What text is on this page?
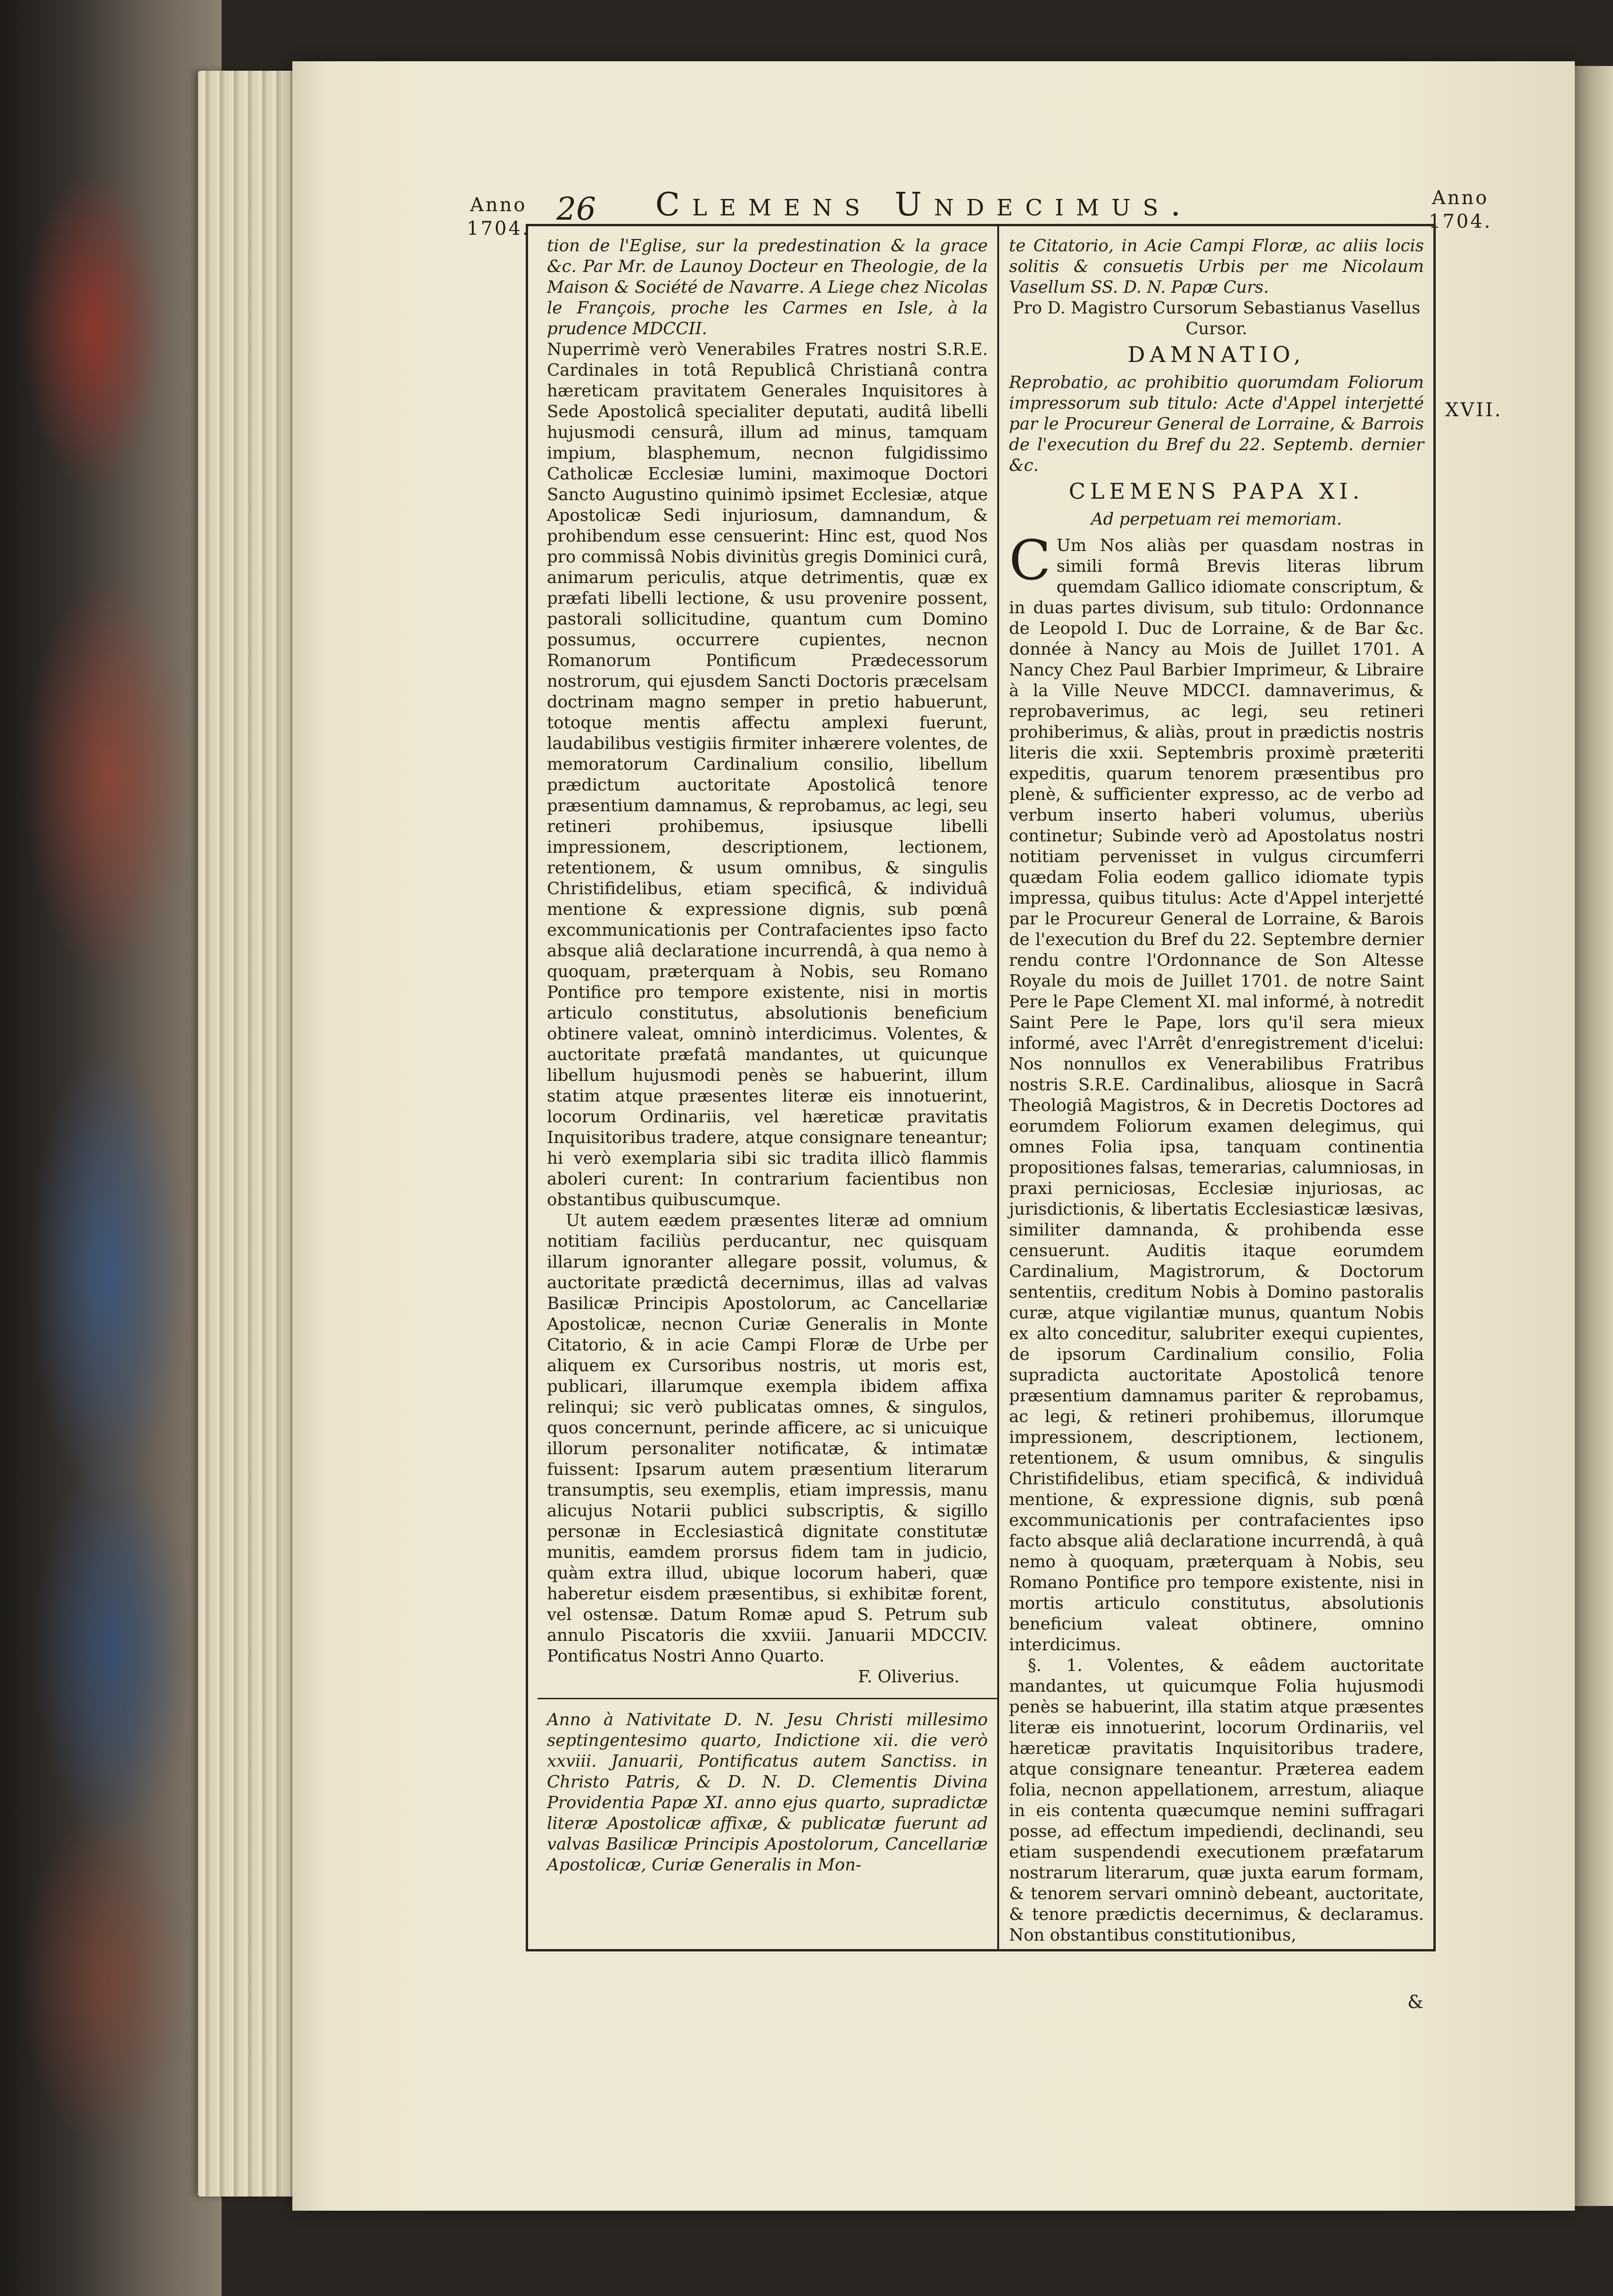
Anno
1704.
Anno
1704.
XVII.
26	Clemens Undecimus.

tion de l'Eglise, sur la predestination & la grace &c. Par Mr. de Launoy Docteur en Theologie, de la Maison & Société de Navarre. A Liege chez Nicolas le François, proche les Carmes en Isle, à la prudence MDCCII.

Nuperrimè verò Venerabiles Fratres nostri S.R.E. Cardinales in totâ Republicâ Christianâ contra hæreticam pravitatem Generales Inquisitores à Sede Apostolicâ specialiter deputati, auditâ libelli hujusmodi censurâ, illum ad minus, tamquam impium, blasphemum, necnon fulgidissimo Catholicæ Ecclesiæ lumini, maximoque Doctori Sancto Augustino quinimò ipsimet Ecclesiæ, atque Apostolicæ Sedi injuriosum, damnandum, & prohibendum esse censuerint: Hinc est, quod Nos pro commissâ Nobis divinitùs gregis Dominici curâ, animarum periculis, atque detrimentis, quæ ex præfati libelli lectione, & usu provenire possent, pastorali sollicitudine, quantum cum Domino possumus, occurrere cupientes, necnon Romanorum Pontificum Prædecessorum nostrorum, qui ejusdem Sancti Doctoris præcelsam doctrinam magno semper in pretio habuerunt, totoque mentis affectu amplexi fuerunt, laudabilibus vestigiis firmiter inhærere volentes, de memoratorum Cardinalium consilio, libellum prædictum auctoritate Apostolicâ tenore præsentium damnamus, & reprobamus, ac legi, seu retineri prohibemus, ipsiusque libelli impressionem, descriptionem, lectionem, retentionem, & usum omnibus, & singulis Christifidelibus, etiam specificâ, & individuâ mentione & expressione dignis, sub pœnâ excommunicationis per Contrafacientes ipso facto absque aliâ declaratione incurrendâ, à qua nemo à quoquam, præterquam à Nobis, seu Romano Pontifice pro tempore existente, nisi in mortis articulo constitutus, absolutionis beneficium obtinere valeat, omninò interdicimus. Volentes, & auctoritate præfatâ mandantes, ut quicunque libellum hujusmodi penès se habuerint, illum statim atque præsentes literæ eis innotuerint, locorum Ordinariis, vel hæreticæ pravitatis Inquisitoribus tradere, atque consignare teneantur; hi verò exemplaria sibi sic tradita illicò flammis aboleri curent: In contrarium facientibus non obstantibus quibuscumque.

Ut autem eædem præsentes literæ ad omnium notitiam faciliùs perducantur, nec quisquam illarum ignoranter allegare possit, volumus, & auctoritate prædictâ decernimus, illas ad valvas Basilicæ Principis Apostolorum, ac Cancellariæ Apostolicæ, necnon Curiæ Generalis in Monte Citatorio, & in acie Campi Floræ de Urbe per aliquem ex Cursoribus nostris, ut moris est, publicari, illarumque exempla ibidem affixa relinqui; sic verò publicatas omnes, & singulos, quos concernunt, perinde afficere, ac si unicuique illorum personaliter notificatæ, & intimatæ fuissent: Ipsarum autem præsentium literarum transumptis, seu exemplis, etiam impressis, manu alicujus Notarii publici subscriptis, & sigillo personæ in Ecclesiasticâ dignitate constitutæ munitis, eamdem prorsus fidem tam in judicio, quàm extra illud, ubique locorum haberi, quæ haberetur eisdem præsentibus, si exhibitæ forent, vel ostensæ. Datum Romæ apud S. Petrum sub annulo Piscatoris die xxviii. Januarii MDCCIV. Pontificatus Nostri Anno Quarto.

F. Oliverius.

Anno à Nativitate D. N. Jesu Christi millesimo septingentesimo quarto, Indictione xii. die verò xxviii. Januarii, Pontificatus autem Sanctiss. in Christo Patris, & D. N. D. Clementis Divina Providentia Papæ XI. anno ejus quarto, supradictæ literæ Apostolicæ affixæ, & publicatæ fuerunt ad valvas Basilicæ Principis Apostolorum, Cancellariæ Apostolicæ, Curiæ Generalis in Mon-

te Citatorio, in Acie Campi Floræ, ac aliis locis solitis & consuetis Urbis per me Nicolaum Vasellum SS. D. N. Papæ Curs.

Pro D. Magistro Cursorum Sebastianus Vasellus Cursor.

DAMNATIO,

Reprobatio, ac prohibitio quorumdam Foliorum impressorum sub titulo: Acte d'Appel interjetté par le Procureur General de Lorraine, & Barrois de l'execution du Bref du 22. Septemb. dernier &c.

CLEMENS PAPA XI.
Ad perpetuam rei memoriam.

C Um Nos aliàs per quasdam nostras in simili formâ Brevis literas librum quemdam Gallico idiomate conscriptum, & in duas partes divisum, sub titulo: Ordonnance de Leopold I. Duc de Lorraine, & de Bar &c. donnée à Nancy au Mois de Juillet 1701. A Nancy Chez Paul Barbier Imprimeur, & Libraire à la Ville Neuve MDCCI. damnaverimus, & reprobaverimus, ac legi, seu retineri prohiberimus, & aliàs, prout in prædictis nostris literis die xxii. Septembris proximè præteriti expeditis, quarum tenorem præsentibus pro plenè, & sufficienter expresso, ac de verbo ad verbum inserto haberi volumus, uberiùs continetur; Subinde verò ad Apostolatus nostri notitiam pervenisset in vulgus circumferri quædam Folia eodem gallico idiomate typis impressa, quibus titulus: Acte d'Appel interjetté par le Procureur General de Lorraine, & Barois de l'execution du Bref du 22. Septembre dernier rendu contre l'Ordonnance de Son Altesse Royale du mois de Juillet 1701. de notre Saint Pere le Pape Clement XI. mal informé, à notredit Saint Pere le Pape, lors qu'il sera mieux informé, avec l'Arrêt d'enregistrement d'icelui: Nos nonnullos ex Venerabilibus Fratribus nostris S.R.E. Cardinalibus, aliosque in Sacrâ Theologiâ Magistros, & in Decretis Doctores ad eorumdem Foliorum examen delegimus, qui omnes Folia ipsa, tanquam continentia propositiones falsas, temerarias, calumniosas, in praxi perniciosas, Ecclesiæ injuriosas, ac jurisdictionis, & libertatis Ecclesiasticæ læsivas, similiter damnanda, & prohibenda esse censuerunt. Auditis itaque eorumdem Cardinalium, Magistrorum, & Doctorum sententiis, creditum Nobis à Domino pastoralis curæ, atque vigilantiæ munus, quantum Nobis ex alto conceditur, salubriter exequi cupientes, de ipsorum Cardinalium consilio, Folia supradicta auctoritate Apostolicâ tenore præsentium damnamus pariter & reprobamus, ac legi, & retineri prohibemus, illorumque impressionem, descriptionem, lectionem, retentionem, & usum omnibus, & singulis Christifidelibus, etiam specificâ, & individuâ mentione, & expressione dignis, sub pœnâ excommunicationis per contrafacientes ipso facto absque aliâ declaratione incurrendâ, à quâ nemo à quoquam, præterquam à Nobis, seu Romano Pontifice pro tempore existente, nisi in mortis articulo constitutus, absolutionis beneficium valeat obtinere, omnino interdicimus.

§. 1. Volentes, & eâdem auctoritate mandantes, ut quicumque Folia hujusmodi penès se habuerint, illa statim atque præsentes literæ eis innotuerint, locorum Ordinariis, vel hæreticæ pravitatis Inquisitoribus tradere, atque consignare teneantur. Præterea eadem folia, necnon appellationem, arrestum, aliaque in eis contenta quæcumque nemini suffragari posse, ad effectum impediendi, declinandi, seu etiam suspendendi executionem præfatarum nostrarum literarum, quæ juxta earum formam, & tenorem servari omninò debeant, auctoritate, & tenore prædictis decernimus, & declaramus. Non obstantibus constitutionibus,

&
